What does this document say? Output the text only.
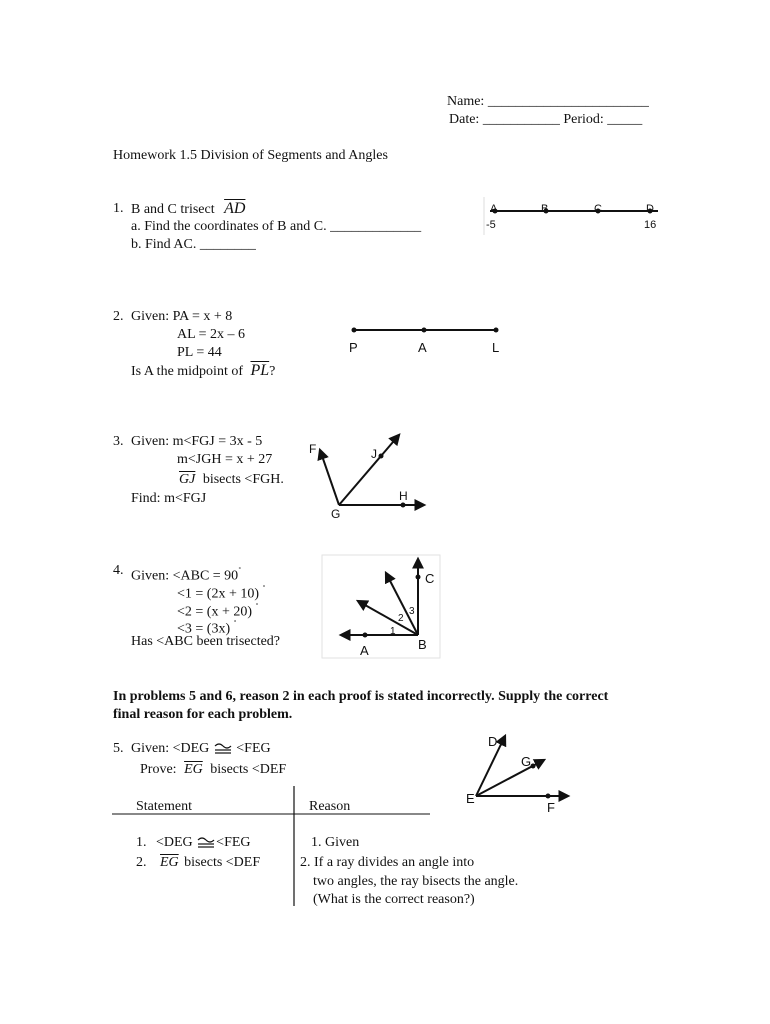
Name: _______________________
Date: ___________ Period: _____
Homework 1.5 Division of Segments and Angles
1. B and C trisect $\overline{AD}$
a. Find the coordinates of B and C. _____________
b. Find AC. ________
A	B	C	D
-5	16
2. Given: PA = x + 8
AL = 2x – 6
PL = 44
Is A the midpoint of $\overline{PL}$?
P	A	L
3. Given: m<FGJ = 3x - 5
m<JGH = x + 27
$\overline{GJ}$ bisects <FGH.
Find: m<FGJ
F	J
G
H
4. Given: <ABC = 90˚
<1 = (2x + 10) ˚
<2 = (x + 20) ˚
<3 = (3x) ˚
Has <ABC been trisected?
C
3
2
1
A	B
In problems 5 and 6, reason 2 in each proof is stated incorrectly. Supply the correct
final reason for each problem.
5. Given: <DEG <FEG
Prove: $\overline{EG}$ bisects <DEF
Statement	Reason
1. <DEG <FEG	1. Given
2. $\overline{EG}$ bisects <DEF	2. If a ray divides an angle into
two angles, the ray bisects the angle.
(What is the correct reason?)
D
G
E
F
